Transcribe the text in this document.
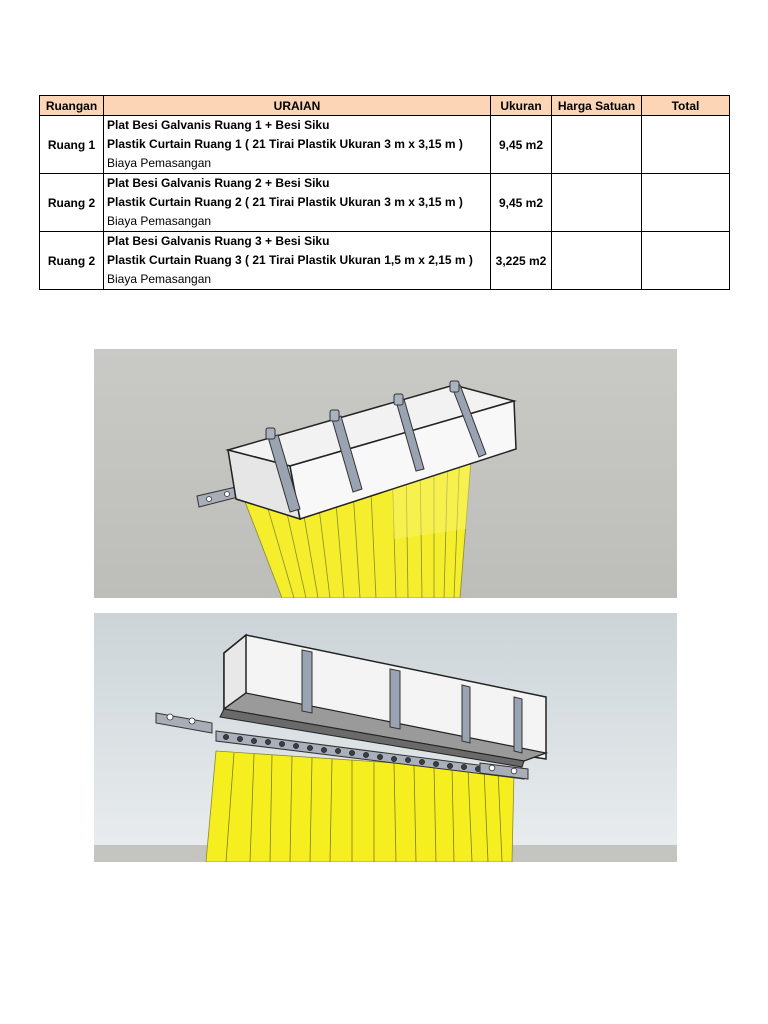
Ruangan	URAIAN	Ukuran	Harga Satuan	Total
Ruang 1	Plat Besi Galvanis Ruang 1 + Besi Siku
Plastik Curtain Ruang 1 ( 21 Tirai Plastik Ukuran 3 m x 3,15 m )
Biaya Pemasangan	9,45 m2		
Ruang 2	Plat Besi Galvanis Ruang 2 + Besi Siku
Plastik Curtain Ruang 2 ( 21 Tirai Plastik Ukuran 3 m x 3,15 m )
Biaya Pemasangan	9,45 m2		
Ruang 2	Plat Besi Galvanis Ruang 3 + Besi Siku
Plastik Curtain Ruang 3 ( 21 Tirai Plastik Ukuran 1,5 m x 2,15 m )
Biaya Pemasangan	3,225 m2		
